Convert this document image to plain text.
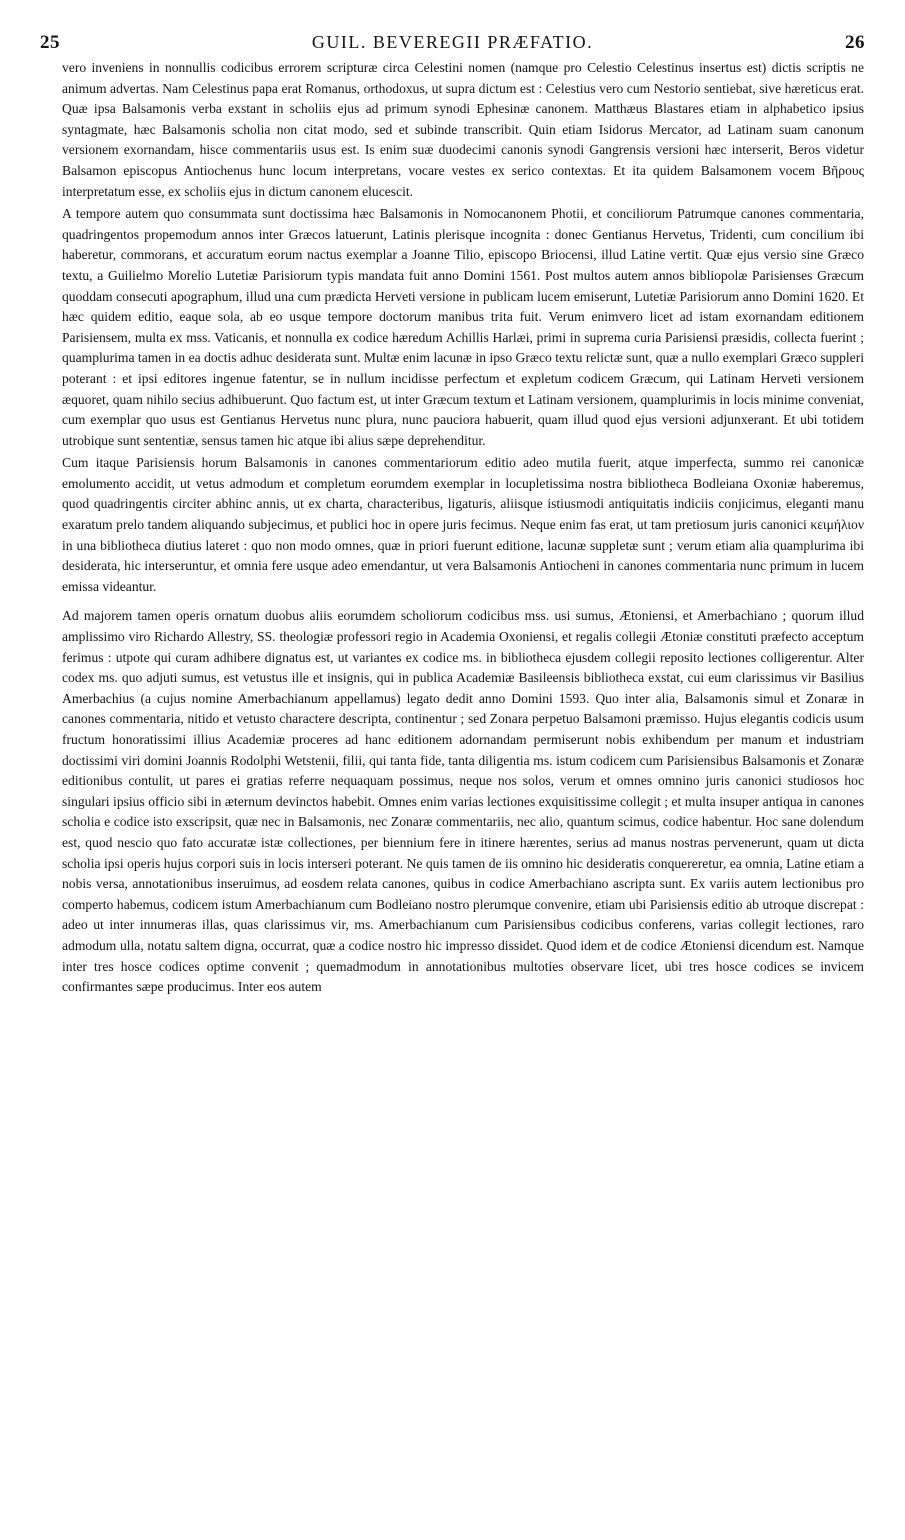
25	GUIL. BEVEREGII PRÆFATIO.	26

vero inveniens in nonnullis codicibus errorem scripturæ circa Celestini nomen (namque pro Celestio Celestinus insertus est) dictis scriptis ne animum advertas. Nam Celestinus papa erat Romanus, orthodoxus, ut supra dictum est : Celestius vero cum Nestorio sentiebat, sive hæreticus erat. Quæ ipsa Balsamonis verba exstant in scholiis ejus ad primum synodi Ephesinæ canonem. Matthæus Blastares etiam in alphabetico ipsius syntagmate, hæc Balsamonis scholia non citat modo, sed et subinde transcribit. Quin etiam Isidorus Mercator, ad Latinam suam canonum versionem exornandam, hisce commentariis usus est. Is enim suæ duodecimi canonis synodi Gangrensis versioni hæc interserit, Beros videtur Balsamon episcopus Antiochenus hunc locum interpretans, vocare vestes ex serico contextas. Et ita quidem Balsamonem vocem Βῆρους interpretatum esse, ex scholiis ejus in dictum canonem elucescit.

A tempore autem quo consummata sunt doctissima hæc Balsamonis in Nomocanonem Photii, et conciliorum Patrumque canones commentaria, quadringentos propemodum annos inter Græcos latuerunt, Latinis plerisque incognita : donec Gentianus Hervetus, Tridenti, cum concilium ibi haberetur, commorans, et accuratum eorum nactus exemplar a Joanne Tilio, episcopo Briocensi, illud Latine vertit. Quæ ejus versio sine Græco textu, a Guilielmo Morelio Lutetiæ Parisiorum typis mandata fuit anno Domini 1561. Post multos autem annos bibliopolæ Parisienses Græcum quoddam consecuti apographum, illud una cum prædicta Herveti versione in publicam lucem emiserunt, Lutetiæ Parisiorum anno Domini 1620. Et hæc quidem editio, eaque sola, ab eo usque tempore doctorum manibus trita fuit. Verum enimvero licet ad istam exornandam editionem Parisiensem, multa ex mss. Vaticanis, et nonnulla ex codice hæredum Achillis Harlæi, primi in suprema curia Parisiensi præsidis, collecta fuerint ; quamplurima tamen in ea doctis adhuc desiderata sunt. Multæ enim lacunæ in ipso Græco textu relictæ sunt, quæ a nullo exemplari Græco suppleri poterant : et ipsi editores ingenue fatentur, se in nullum incidisse perfectum et expletum codicem Græcum, qui Latinam Herveti versionem æquoret, quam nihilo secius adhibuerunt. Quo factum est, ut inter Græcum textum et Latinam versionem, quamplurimis in locis minime conveniat, cum exemplar quo usus est Gentianus Hervetus nunc plura, nunc pauciora habuerit, quam illud quod ejus versioni adjunxerant. Et ubi totidem utrobique sunt sententiæ, sensus tamen hic atque ibi alius sæpe deprehenditur.

Cum itaque Parisiensis horum Balsamonis in canones commentariorum editio adeo mutila fuerit, atque imperfecta, summo rei canonicæ emolumento accidit, ut vetus admodum et completum eorumdem exemplar in locupletissima nostra bibliotheca Bodleiana Oxoniæ haberemus, quod quadringentis circiter abhinc annis, ut ex charta, characteribus, ligaturis, aliisque istiusmodi antiquitatis indiciis conjicimus, eleganti manu exaratum prelo tandem aliquando subjecimus, et publici hoc in opere juris fecimus. Neque enim fas erat, ut tam pretiosum juris canonici κειμήλιον in una bibliotheca diutius lateret : quo non modo omnes, quæ in priori fuerunt editione, lacunæ suppletæ sunt ; verum etiam alia quamplurima ibi desiderata, hic interseruntur, et omnia fere usque adeo emendantur, ut vera Balsamonis Antiocheni in canones commentaria nunc primum in lucem emissa videantur.

Ad majorem tamen operis ornatum duobus aliis eorumdem scholiorum codicibus mss. usi sumus, Ætoniensi, et Amerbachiano ; quorum illud amplissimo viro Richardo Allestry, SS. theologiæ professori regio in Academia Oxoniensi, et regalis collegii Ætoniæ constituti præfecto acceptum ferimus : utpote qui curam adhibere dignatus est, ut variantes ex codice ms. in bibliotheca ejusdem collegii reposito lectiones colligerentur. Alter codex ms. quo adjuti sumus, est vetustus ille et insignis, qui in publica Academiæ Basileensis bibliotheca exstat, cui eum clarissimus vir Basilius Amerbachius (a cujus nomine Amerbachianum appellamus) legato dedit anno Domini 1593. Quo inter alia, Balsamonis simul et Zonaræ in canones commentaria, nitido et vetusto charactere descripta, continentur ; sed Zonara perpetuo Balsamoni præmisso. Hujus elegantis codicis usum fructum honoratissimi illius Academiæ proceres ad hanc editionem adornandam permiserunt nobis exhibendum per manum et industriam doctissimi viri domini Joannis Rodolphi Wetstenii, filii, qui tanta fide, tanta diligentia ms. istum codicem cum Parisiensibus Balsamonis et Zonaræ editionibus contulit, ut pares ei gratias referre nequaquam possimus, neque nos solos, verum et omnes omnino juris canonici studiosos hoc singulari ipsius officio sibi in æternum devinctos habebit. Omnes enim varias lectiones exquisitissime collegit ; et multa insuper antiqua in canones scholia e codice isto exscripsit, quæ nec in Balsamonis, nec Zonaræ commentariis, nec alio, quantum scimus, codice habentur. Hoc sane dolendum est, quod nescio quo fato accuratæ istæ collectiones, per biennium fere in itinere hærentes, serius ad manus nostras pervenerunt, quam ut dicta scholia ipsi operis hujus corpori suis in locis interseri poterant. Ne quis tamen de iis omnino hic desideratis conquereretur, ea omnia, Latine etiam a nobis versa, annotationibus inseruimus, ad eosdem relata canones, quibus in codice Amerbachiano ascripta sunt. Ex variis autem lectionibus pro comperto habemus, codicem istum Amerbachianum cum Bodleiano nostro plerumque convenire, etiam ubi Parisiensis editio ab utroque discrepat : adeo ut inter innumeras illas, quas clarissimus vir, ms. Amerbachianum cum Parisiensibus codicibus conferens, varias collegit lectiones, raro admodum ulla, notatu saltem digna, occurrat, quæ a codice nostro hic impresso dissidet. Quod idem et de codice Ætoniensi dicendum est. Namque inter tres hosce codices optime convenit ; quemadmodum in annotationibus multoties observare licet, ubi tres hosce codices se invicem confirmantes sæpe producimus. Inter eos autem
